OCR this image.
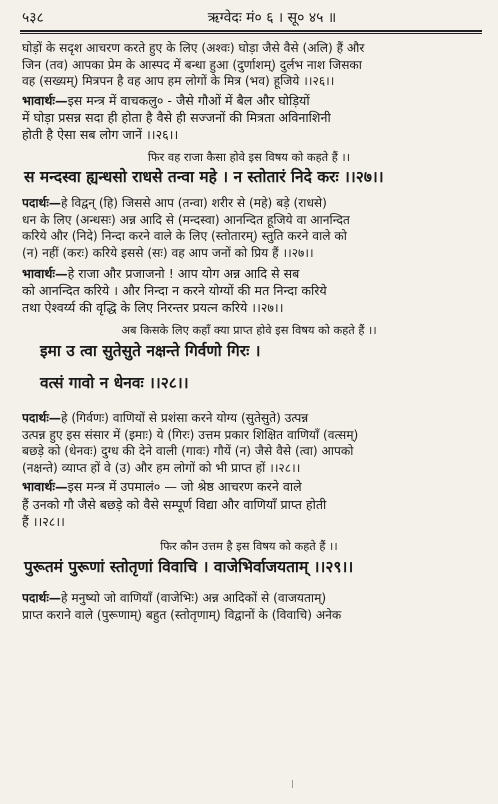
५३८	ऋग्वेदः मं० ६ । सू० ४५ ॥
घोड़ों के सदृश आचरण करते हुए के लिए (अश्वः) घोड़ा जैसे वैसे (अलि) हैं और
जिन (तव) आपका प्रेम के आस्पद में बन्धा हुआ (दुर्णाशम्) दुर्लभ नाश जिसका
वह (सख्यम्) मित्रपन है वह आप हम लोगों के मित्र (भव) हूजिये ।।२६।।
भावार्थः—इस मन्त्र में वाचकलु० - जैसे गौओं में बैल और घोड़ियों
में घोड़ा प्रसन्न सदा ही होता है वैसे ही सज्जनों की मित्रता अविनाशिनी
होती है ऐसा सब लोग जानें ।।२६।।
फिर वह राजा कैसा होवे इस विषय को कहते हैं ।।
स मन्दस्वा ह्यन्धसो राधसे तन्वा महे । न स्तोतारं निदे करः ।।२७।।
पदार्थः—हे विद्वन् (हि) जिससे आप (तन्वा) शरीर से (महे) बड़े (राधसे)
धन के लिए (अन्धसः) अन्न आदि से (मन्दस्वा) आनन्दित हूजिये वा आनन्दित
करिये और (निदे) निन्दा करने वाले के लिए (स्तोतारम्) स्तुति करने वाले को
(न) नहीं (करः) करिये इससे (सः) वह आप जनों को प्रिय हैं ।।२७।।
भावार्थः—हे राजा और प्रजाजनो ! आप योग अन्न आदि से सब
को आनन्दित करिये । और निन्दा न करने योग्यों की मत निन्दा करिये
तथा ऐश्वर्य्य की वृद्धि के लिए निरन्तर प्रयत्न करिये ।।२७।।
अब किसके लिए कहाँ क्या प्राप्त होवे इस विषय को कहते हैं ।।
इमा उ त्वा सुतेसुते नक्षन्ते गिर्वणो गिरः ।
वत्सं गावो न धेनवः ।।२८।।
पदार्थः—हे (गिर्वणः) वाणियों से प्रशंसा करने योग्य (सुतेसुते) उत्पन्न
उत्पन्न हुए इस संसार में (इमाः) ये (गिरः) उत्तम प्रकार शिक्षित वाणियाँ (वत्सम्)
बछड़े को (धेनवः) दुग्ध की देने वाली (गावः) गौयें (न) जैसे वैसे (त्वा) आपको
(नक्षन्ते) व्याप्त हों वे (उ) और हम लोगों को भी प्राप्त हों ।।२८।।
भावार्थः—इस मन्त्र में उपमालं० — जो श्रेष्ठ आचरण करने वाले
हैं उनको गौ जैसे बछड़े को वैसे सम्पूर्ण विद्या और वाणियाँ प्राप्त होती
हैं ।।२८।।
फिर कौन उत्तम है इस विषय को कहते हैं ।।
पुरूतमं पुरूणां स्तोतृणां विवाचि । वाजेभिर्वाजयताम् ।।२९।।
पदार्थः—हे मनुष्यो जो वाणियाँ (वाजेभिः) अन्न आदिकों से (वाजयताम्)
प्राप्त कराने वाले (पुरूणाम्) बहुत (स्तोतृणाम्) विद्वानों के (विवाचि) अनेक
